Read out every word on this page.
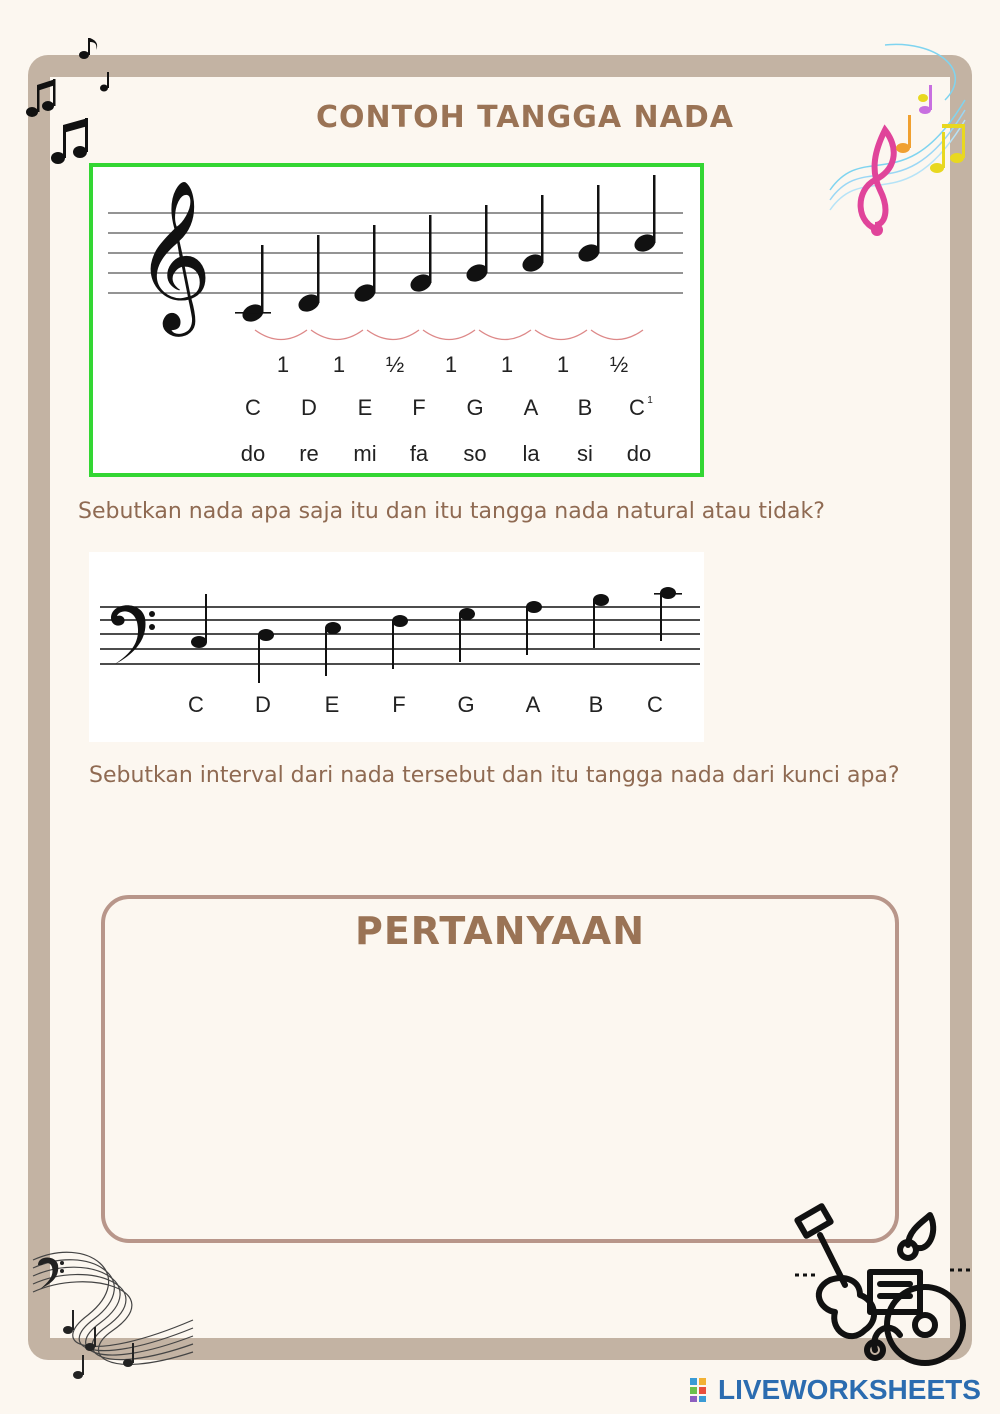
CONTOH TANGGA NADA
𝄞
1 1 ½ 1 1 1 ½
C D E F G A B C 1
do re mi fa so la si do
Sebutkan nada apa saja itu dan itu tangga nada natural atau tidak?
C D E F G A B C
Sebutkan interval dari nada tersebut dan itu tangga nada dari kunci apa?
PERTANYAAN
LIVEWORKSHEETS
